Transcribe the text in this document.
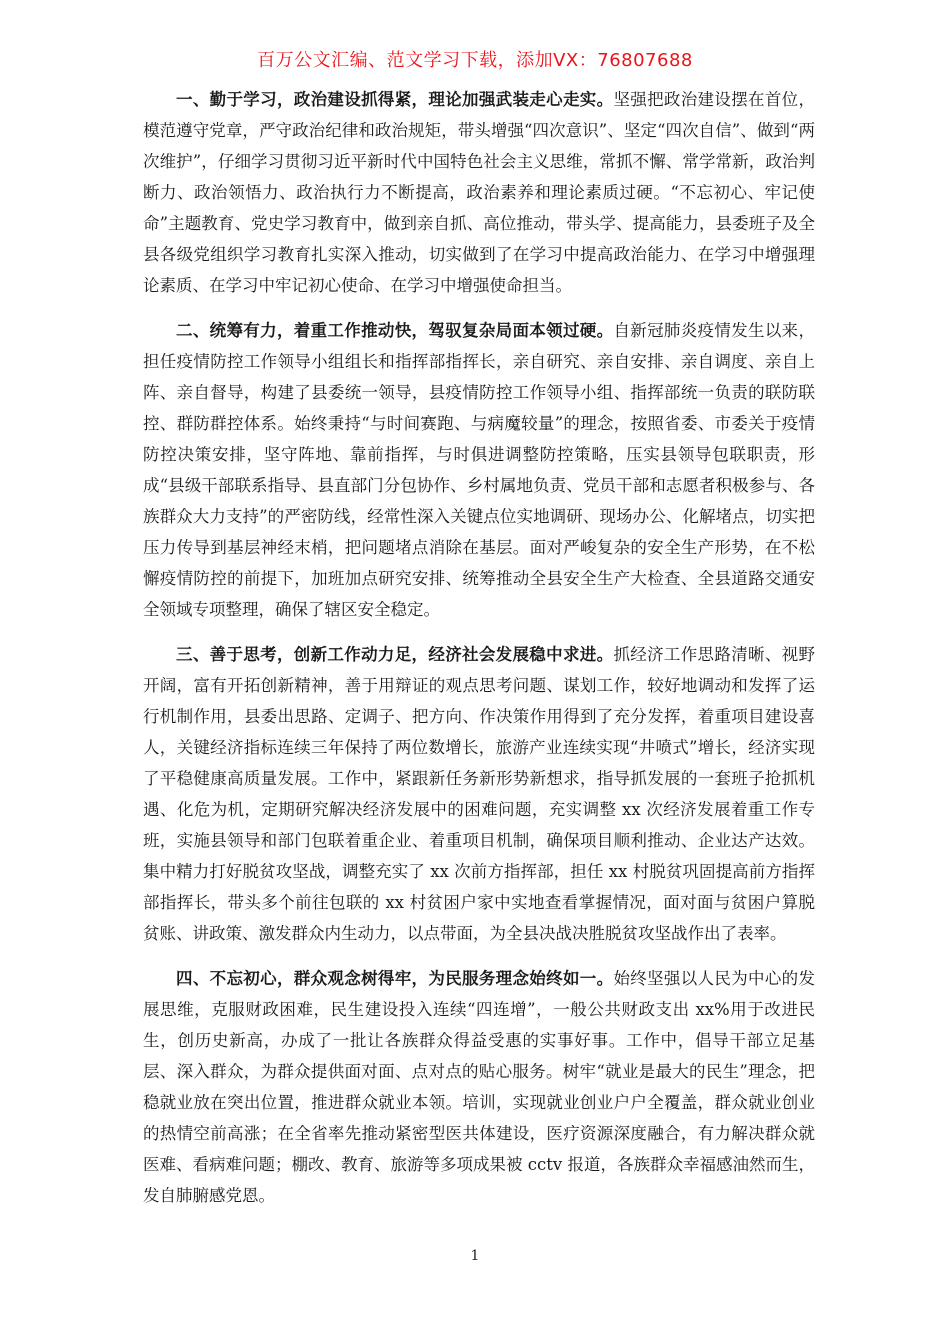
百万公文汇编、范文学习下载，添加VX：76807688

一、勤于学习，政治建设抓得紧，理论加强武装走心走实。坚强把政治建设摆在首位，模范遵守党章，严守政治纪律和政治规矩，带头增强“四次意识”、坚定“四次自信”、做到“两次维护”，仔细学习贯彻习近平新时代中国特色社会主义思维，常抓不懈、常学常新，政治判断力、政治领悟力、政治执行力不断提高，政治素养和理论素质过硬。“不忘初心、牢记使命”主题教育、党史学习教育中，做到亲自抓、高位推动，带头学、提高能力，县委班子及全县各级党组织学习教育扎实深入推动，切实做到了在学习中提高政治能力、在学习中增强理论素质、在学习中牢记初心使命、在学习中增强使命担当。

二、统筹有力，着重工作推动快，驾驭复杂局面本领过硬。自新冠肺炎疫情发生以来，担任疫情防控工作领导小组组长和指挥部指挥长，亲自研究、亲自安排、亲自调度、亲自上阵、亲自督导，构建了县委统一领导，县疫情防控工作领导小组、指挥部统一负责的联防联控、群防群控体系。始终秉持“与时间赛跑、与病魔较量”的理念，按照省委、市委关于疫情防控决策安排，坚守阵地、靠前指挥，与时俱进调整防控策略，压实县领导包联职责，形成“县级干部联系指导、县直部门分包协作、乡村属地负责、党员干部和志愿者积极参与、各族群众大力支持”的严密防线，经常性深入关键点位实地调研、现场办公、化解堵点，切实把压力传导到基层神经末梢，把问题堵点消除在基层。面对严峻复杂的安全生产形势，在不松懈疫情防控的前提下，加班加点研究安排、统筹推动全县安全生产大检查、全县道路交通安全领域专项整理，确保了辖区安全稳定。

三、善于思考，创新工作动力足，经济社会发展稳中求进。抓经济工作思路清晰、视野开阔，富有开拓创新精神，善于用辩证的观点思考问题、谋划工作，较好地调动和发挥了运行机制作用，县委出思路、定调子、把方向、作决策作用得到了充分发挥，着重项目建设喜人，关键经济指标连续三年保持了两位数增长，旅游产业连续实现“井喷式”增长，经济实现了平稳健康高质量发展。工作中，紧跟新任务新形势新想求，指导抓发展的一套班子抢抓机遇、化危为机，定期研究解决经济发展中的困难问题，充实调整 xx 次经济发展着重工作专班，实施县领导和部门包联着重企业、着重项目机制，确保项目顺利推动、企业达产达效。集中精力打好脱贫攻坚战，调整充实了 xx 次前方指挥部，担任 xx 村脱贫巩固提高前方指挥部指挥长，带头多个前往包联的 xx 村贫困户家中实地查看掌握情况，面对面与贫困户算脱贫账、讲政策、激发群众内生动力，以点带面，为全县决战决胜脱贫攻坚战作出了表率。

四、不忘初心，群众观念树得牢，为民服务理念始终如一。始终坚强以人民为中心的发展思维，克服财政困难，民生建设投入连续“四连增”，一般公共财政支出 xx%用于改进民生，创历史新高，办成了一批让各族群众得益受惠的实事好事。工作中，倡导干部立足基层、深入群众，为群众提供面对面、点对点的贴心服务。树牢“就业是最大的民生”理念，把稳就业放在突出位置，推进群众就业本领。培训，实现就业创业户户全覆盖，群众就业创业的热情空前高涨；在全省率先推动紧密型医共体建设，医疗资源深度融合，有力解决群众就医难、看病难问题；棚改、教育、旅游等多项成果被 cctv 报道，各族群众幸福感油然而生，发自肺腑感党恩。

1
